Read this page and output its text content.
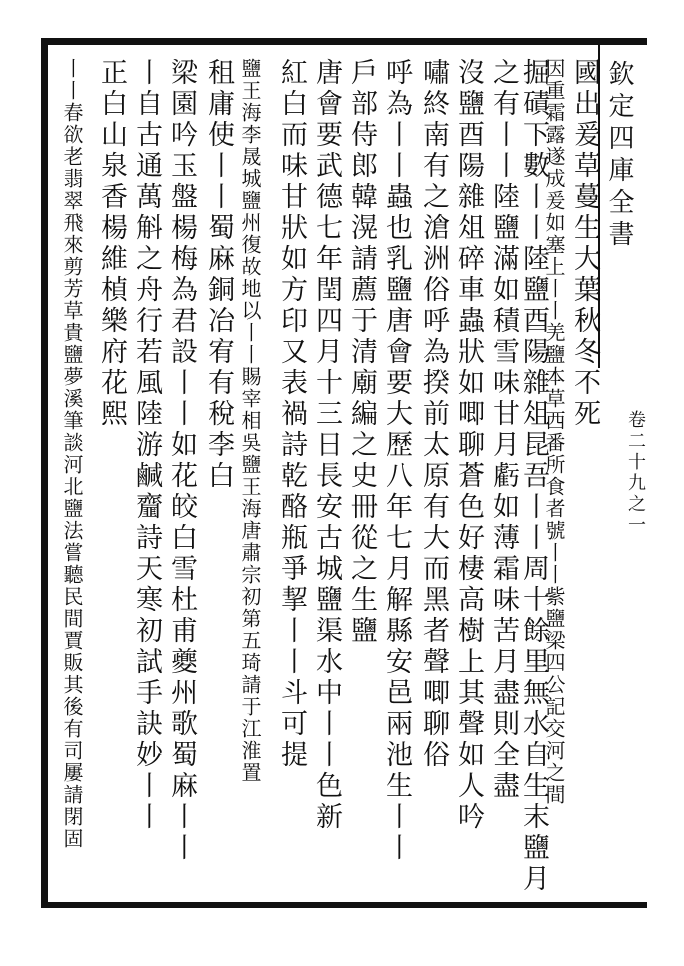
欽定四庫全書
卷二十九之一
國出爰草蔓生大葉秋冬不死
因重霜露遂成爰如塞上丨丨羌鹽本草西番所食者號丨丨紫鹽梁四公記交河之間
掘磧下數丨丨陸鹽酉陽雜俎昆吾丨丨周十餘里無水自生末鹽月
之有丨丨陸鹽滿如積雪味甘月虧如薄霜味苦月盡則全盡
沒鹽酉陽雜俎碎車蟲狀如唧聊蒼色好棲高樹上其聲如人吟
嘯終南有之滄洲俗呼為揆前太原有大而黑者聲唧聊俗
呼為丨丨蟲也乳鹽唐會要大歷八年七月解縣安邑兩池生丨丨
戶部侍郎韓滉請薦于清廟編之史冊從之生鹽
唐會要武德七年閏四月十三日長安古城鹽渠水中丨丨色新
紅白而味甘狀如方印又表禍詩乾酪瓶爭挈丨丨斗可提
鹽王海李晟城鹽州復故地以丨丨賜宰相吳鹽王海唐肅宗初第五琦請于江淮置
租庸使丨丨蜀麻銅冶宥有稅李白
梁園吟玉盤楊梅為君設丨丨如花皎白雪杜甫夔州歌蜀麻丨丨
丨自古通萬斛之舟行若風陸游鹹齏詩天寒初試手訣妙丨丨
正白山泉香楊維楨樂府花熙
丨丨春欲老翡翠飛來剪芳草貴鹽夢溪筆談河北鹽法嘗聽民間賈販其後有司屢請閉固
